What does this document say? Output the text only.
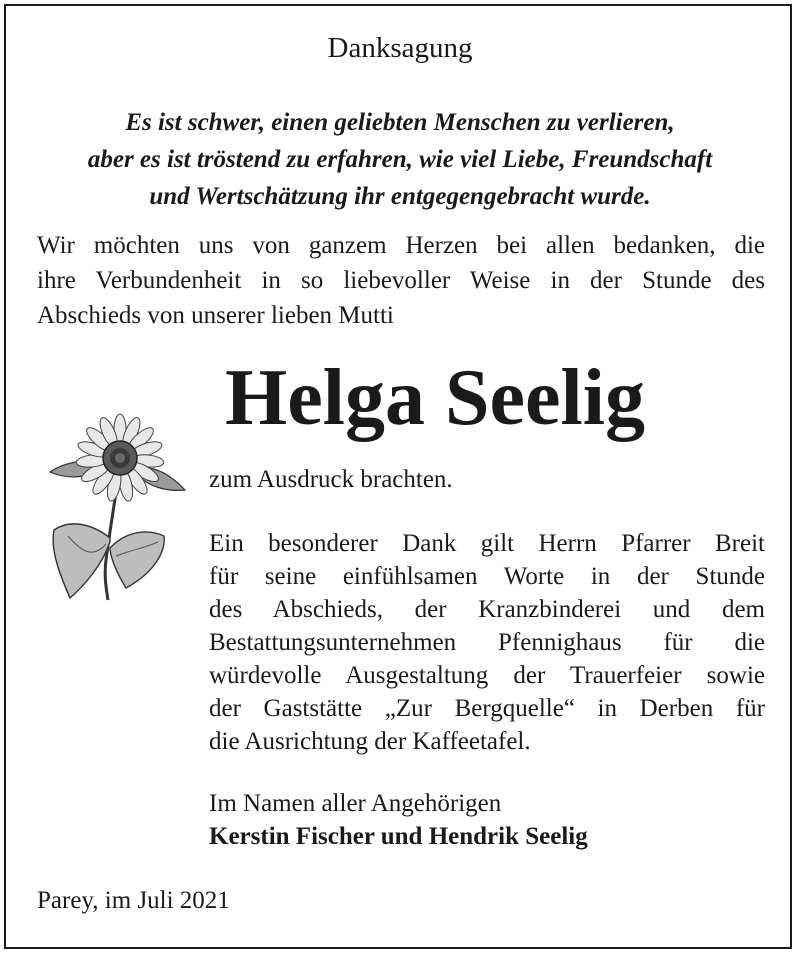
Danksagung
Es ist schwer, einen geliebten Menschen zu verlieren,
aber es ist tröstend zu erfahren, wie viel Liebe, Freundschaft
und Wertschätzung ihr entgegengebracht wurde.
Wir möchten uns von ganzem Herzen bei allen bedanken, die
ihre Verbundenheit in so liebevoller Weise in der Stunde des
Abschieds von unserer lieben Mutti
Helga Seelig
zum Ausdruck brachten.
Ein besonderer Dank gilt Herrn Pfarrer Breit
für seine einfühlsamen Worte in der Stunde
des Abschieds, der Kranzbinderei und dem
Bestattungsunternehmen Pfennighaus für die
würdevolle Ausgestaltung der Trauerfeier sowie
der Gaststätte „Zur Bergquelle“ in Derben für
die Ausrichtung der Kaffeetafel.
Im Namen aller Angehörigen
Kerstin Fischer und Hendrik Seelig
Parey, im Juli 2021
